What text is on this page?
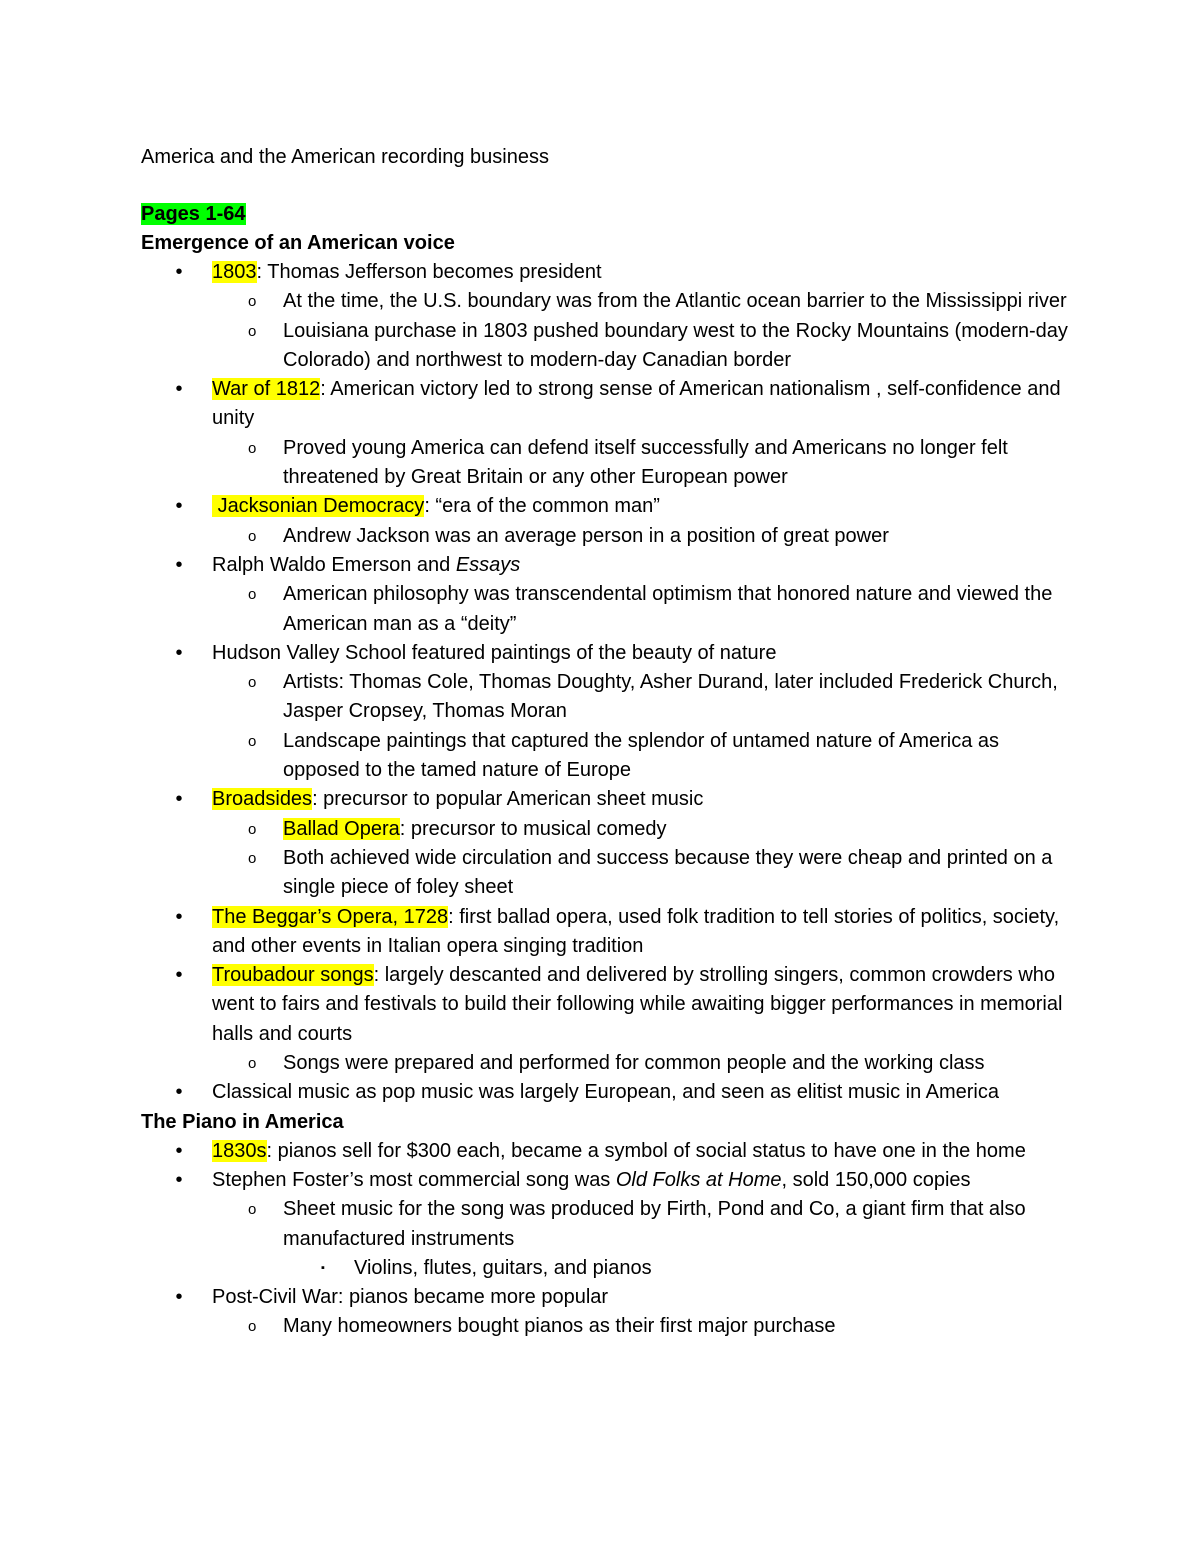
America and the American recording business

Pages 1-64

Emergence of an American voice

• 1803: Thomas Jefferson becomes president
o At the time, the U.S. boundary was from the Atlantic ocean barrier to the Mississippi river
o Louisiana purchase in 1803 pushed boundary west to the Rocky Mountains (modern-day Colorado) and northwest to modern-day Canadian border
• War of 1812: American victory led to strong sense of American nationalism , self-confidence and unity
o Proved young America can defend itself successfully and Americans no longer felt threatened by Great Britain or any other European power
• Jacksonian Democracy: “era of the common man”
o Andrew Jackson was an average person in a position of great power
• Ralph Waldo Emerson and Essays
o American philosophy was transcendental optimism that honored nature and viewed the American man as a “deity”
• Hudson Valley School featured paintings of the beauty of nature
o Artists: Thomas Cole, Thomas Doughty, Asher Durand, later included Frederick Church, Jasper Cropsey, Thomas Moran
o Landscape paintings that captured the splendor of untamed nature of America as opposed to the tamed nature of Europe
• Broadsides: precursor to popular American sheet music
o Ballad Opera: precursor to musical comedy
o Both achieved wide circulation and success because they were cheap and printed on a single piece of foley sheet
• The Beggar’s Opera, 1728: first ballad opera, used folk tradition to tell stories of politics, society, and other events in Italian opera singing tradition
• Troubadour songs: largely descanted and delivered by strolling singers, common crowders who went to fairs and festivals to build their following while awaiting bigger performances in memorial halls and courts
o Songs were prepared and performed for common people and the working class
• Classical music as pop music was largely European, and seen as elitist music in America

The Piano in America

• 1830s: pianos sell for $300 each, became a symbol of social status to have one in the home
• Stephen Foster’s most commercial song was Old Folks at Home, sold 150,000 copies
o Sheet music for the song was produced by Firth, Pond and Co, a giant firm that also manufactured instruments
▪ Violins, flutes, guitars, and pianos
• Post-Civil War: pianos became more popular
o Many homeowners bought pianos as their first major purchase
